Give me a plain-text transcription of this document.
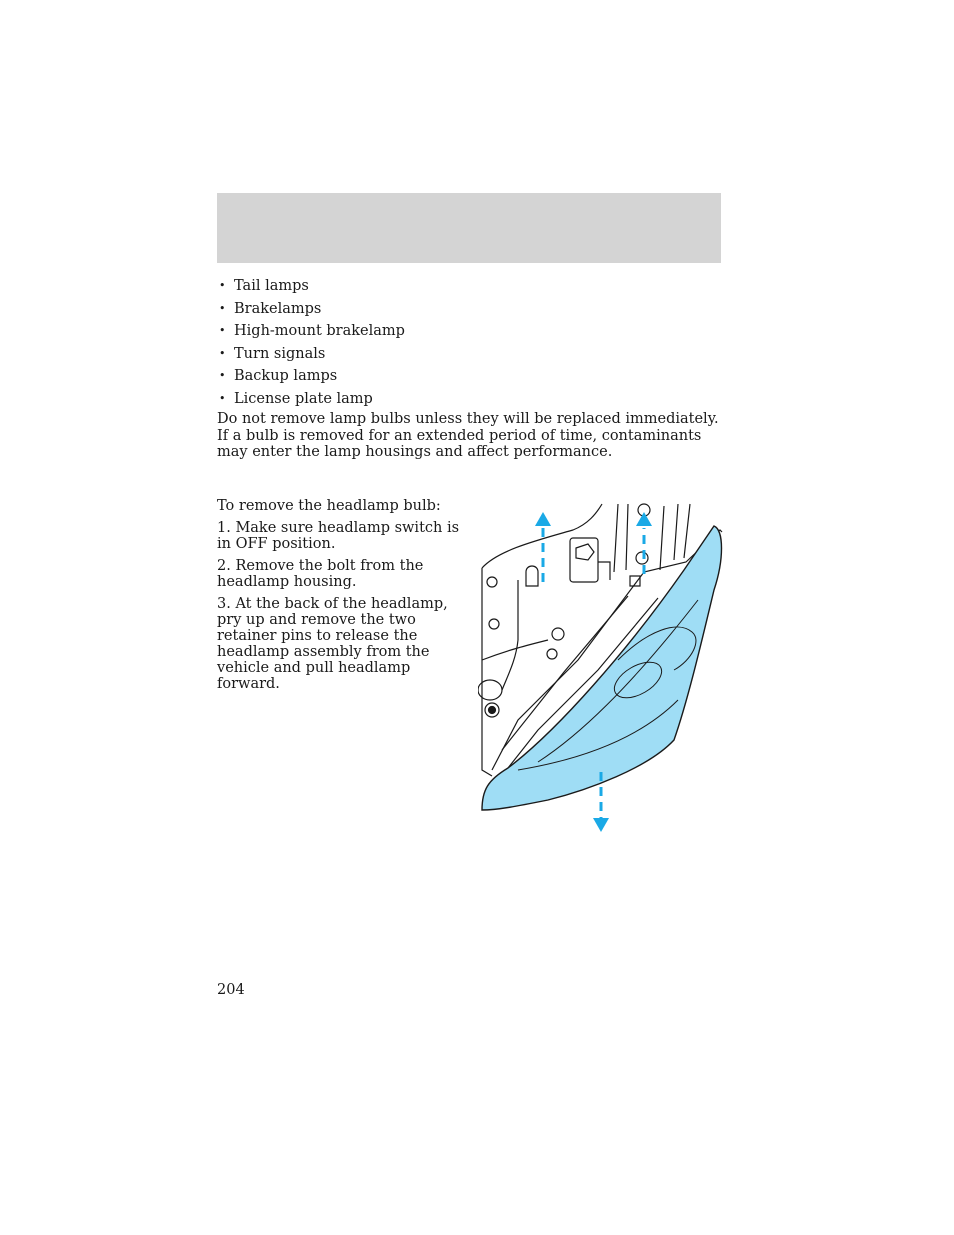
• Tail lamps
• Brakelamps
• High-mount brakelamp
• Turn signals
• Backup lamps
• License plate lamp

Do not remove lamp bulbs unless they will be replaced immediately. If a bulb is removed for an extended period of time, contaminants may enter the lamp housings and affect performance.

To remove the headlamp bulb:

1. Make sure headlamp switch is in OFF position.

2. Remove the bolt from the headlamp housing.

3. At the back of the headlamp, pry up and remove the two retainer pins to release the headlamp assembly from the vehicle and pull headlamp forward.

204
